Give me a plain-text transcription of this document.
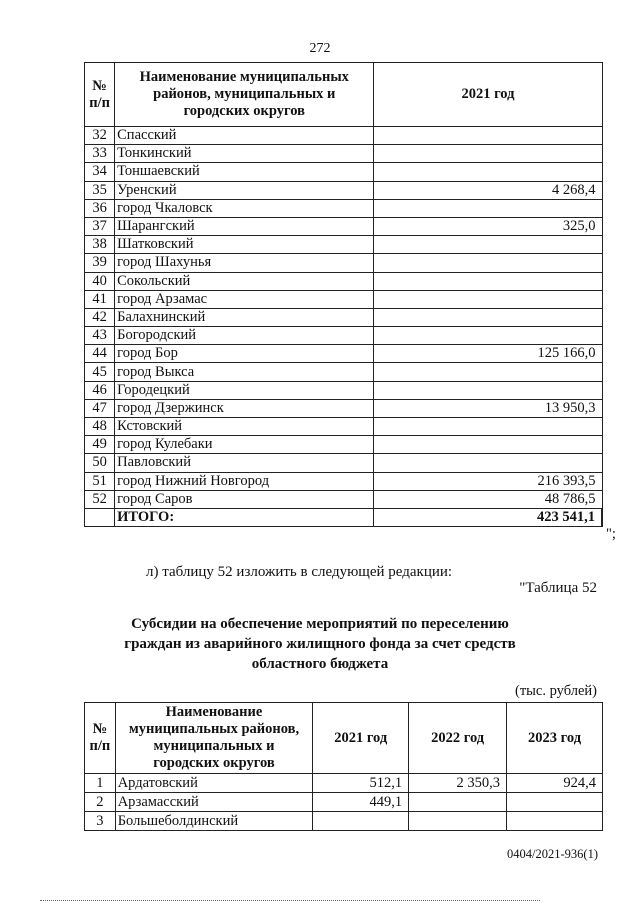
272
№ п/п	Наименование муниципальных районов, муниципальных и городских округов	2021 год
32	Спасский	
33	Тонкинский	
34	Тоншаевский	
35	Уренский	4 268,4
36	город Чкаловск	
37	Шарангский	325,0
38	Шатковский	
39	город Шахунья	
40	Сокольский	
41	город Арзамас	
42	Балахнинский	
43	Богородский	
44	город Бор	125 166,0
45	город Выкса	
46	Городецкий	
47	город Дзержинск	13 950,3
48	Кстовский	
49	город Кулебаки	
50	Павловский	
51	город Нижний Новгород	216 393,5
52	город Саров	48 786,5
	ИТОГО:	423 541,1
";
л) таблицу 52 изложить в следующей редакции:
"Таблица 52
Субсидии на обеспечение мероприятий по переселению
граждан из аварийного жилищного фонда за счет средств
областного бюджета
(тыс. рублей)
№ п/п	Наименование муниципальных районов, муниципальных и городских округов	2021 год	2022 год	2023 год
1	Ардатовский	512,1	2 350,3	924,4
2	Арзамасский	449,1		
3	Большеболдинский			
0404/2021-936(1)
